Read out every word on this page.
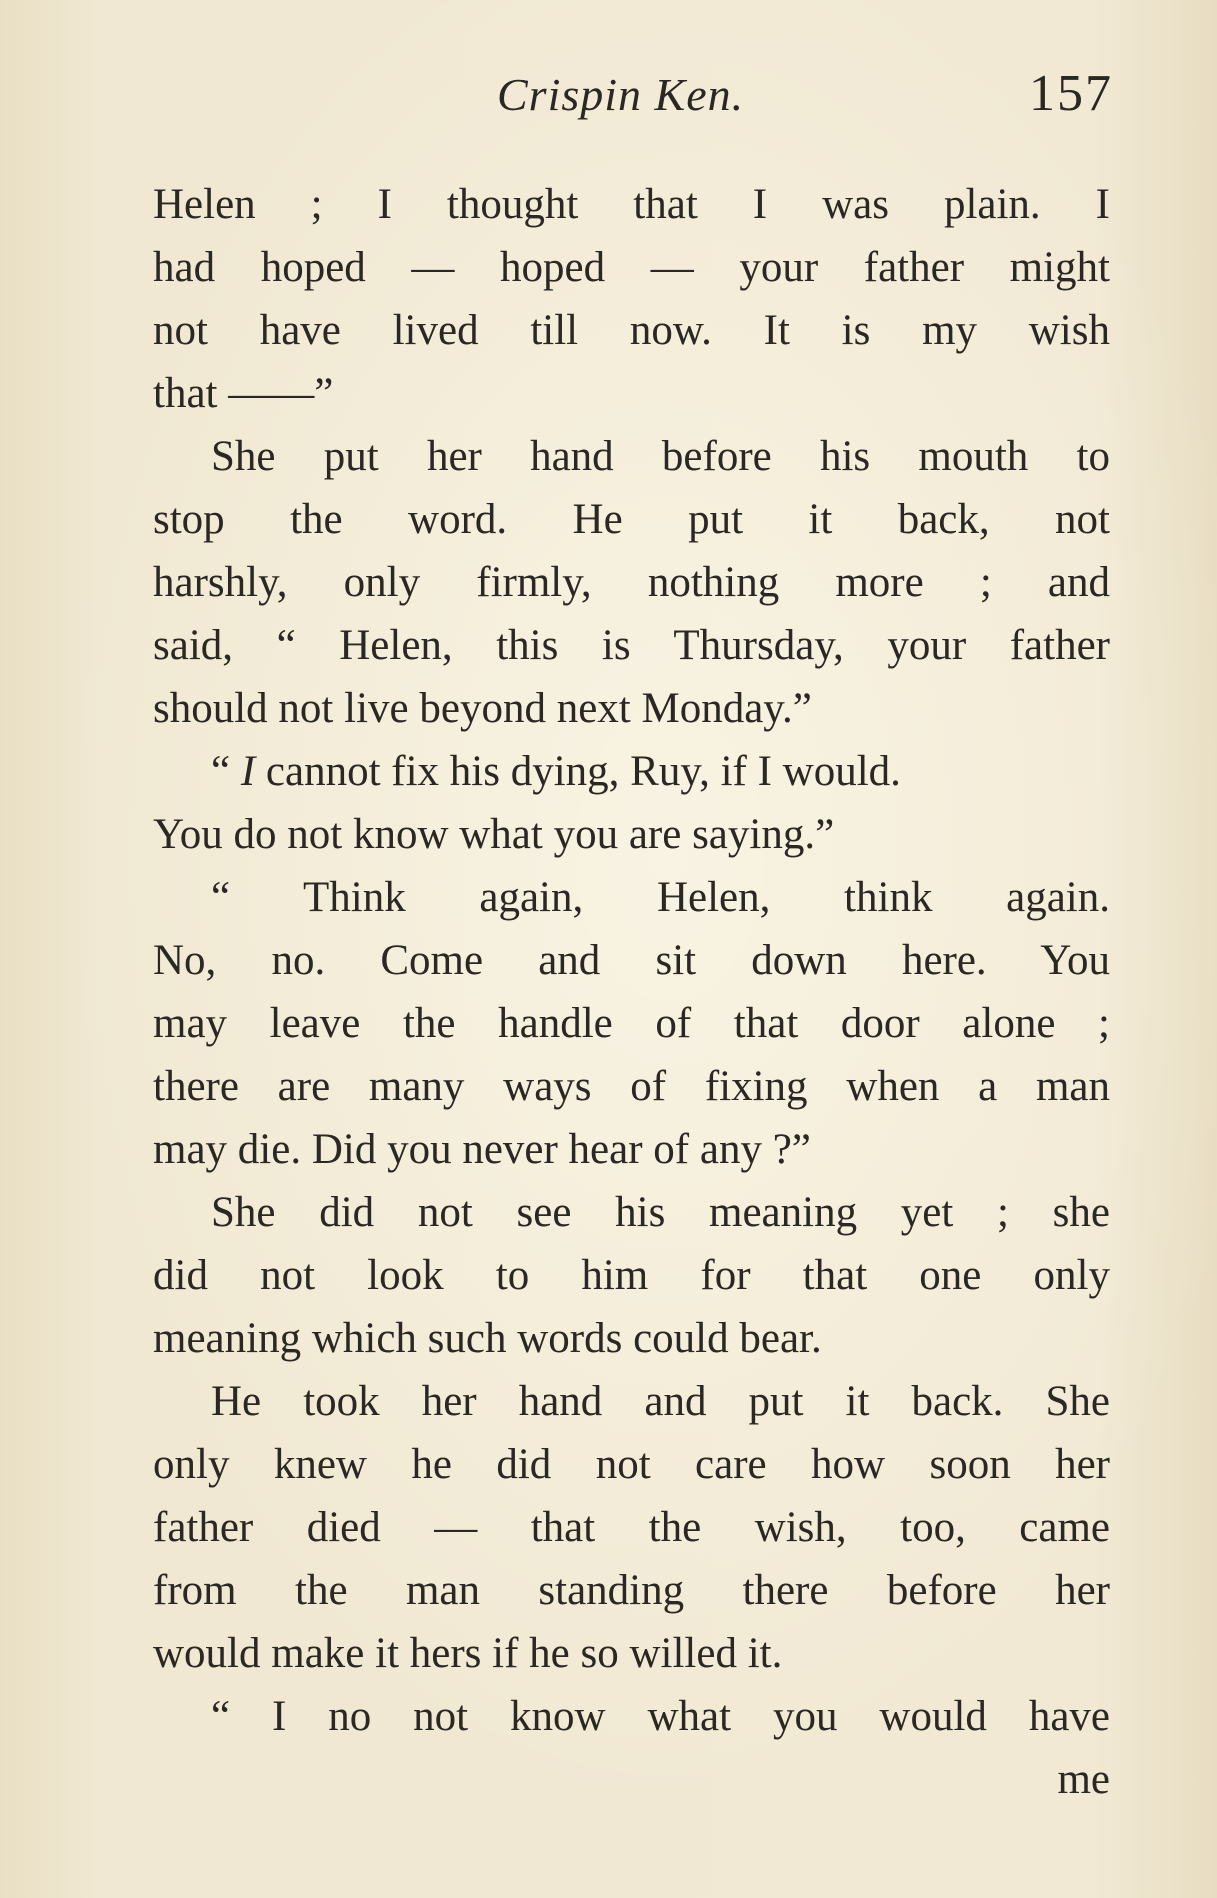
Crispin Ken.	157
Helen ; I thought that I was plain. I
had hoped — hoped — your father might
not have lived till now. It is my wish
that ——”
She put her hand before his mouth to
stop the word. He put it back, not
harshly, only firmly, nothing more ; and
said, “ Helen, this is Thursday, your father
should not live beyond next Monday.”
“ I cannot fix his dying, Ruy, if I would.
You do not know what you are saying.”
“ Think again, Helen, think again.
No, no. Come and sit down here. You
may leave the handle of that door alone ;
there are many ways of fixing when a man
may die. Did you never hear of any ?”
She did not see his meaning yet ; she
did not look to him for that one only
meaning which such words could bear.
He took her hand and put it back. She
only knew he did not care how soon her
father died — that the wish, too, came
from the man standing there before her
would make it hers if he so willed it.
“ I no not know what you would have
me
